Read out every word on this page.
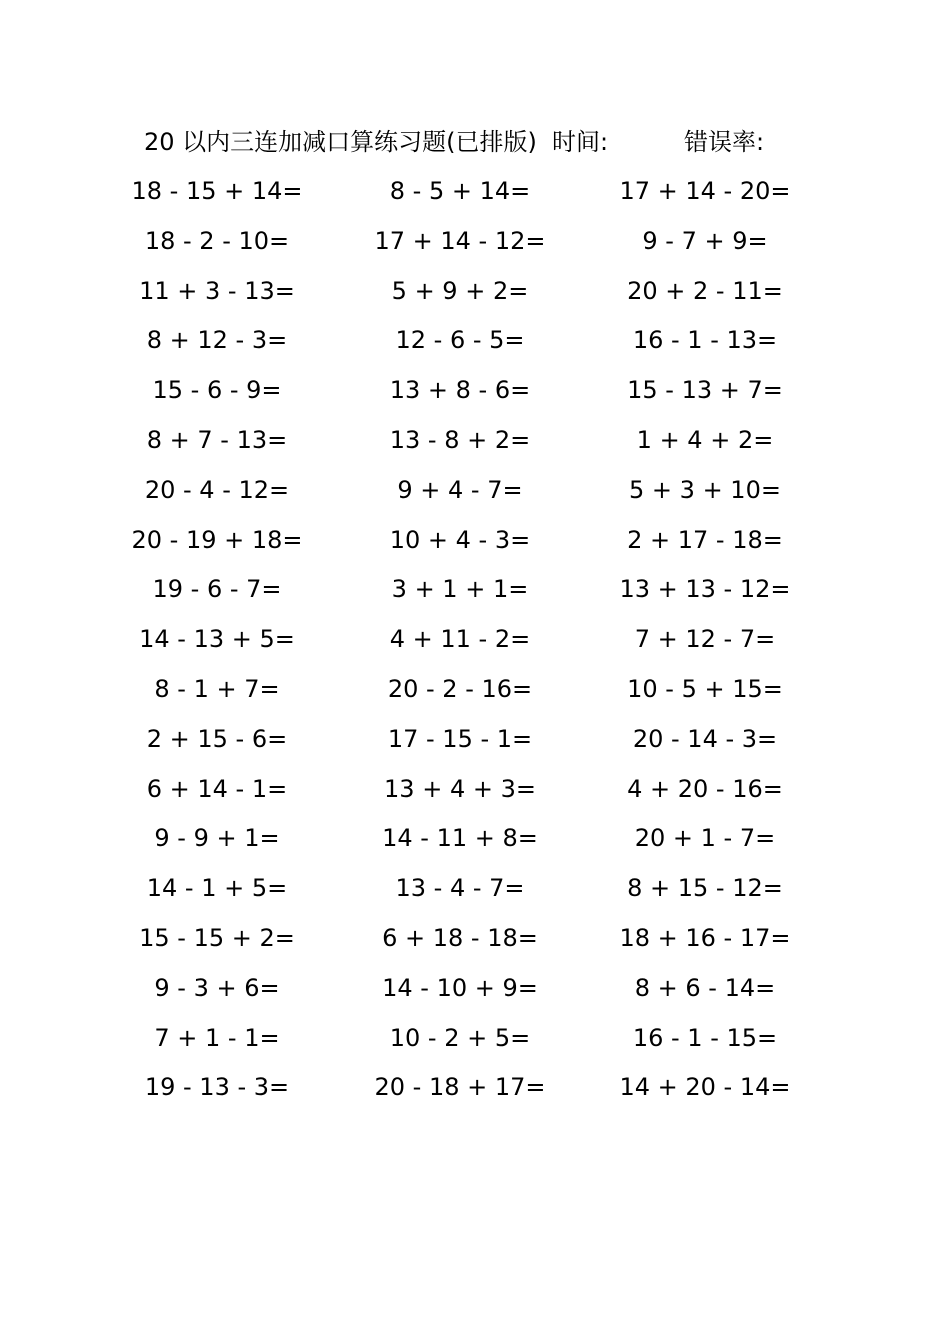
20 以内三连加减口算练习题(已排版) 时间:	错误率:
18 - 15 + 14=	8 - 5 + 14=	17 + 14 - 20=
18 - 2 - 10=	17 + 14 - 12=	9 - 7 + 9=
11 + 3 - 13=	5 + 9 + 2=	20 + 2 - 11=
8 + 12 - 3=	12 - 6 - 5=	16 - 1 - 13=
15 - 6 - 9=	13 + 8 - 6=	15 - 13 + 7=
8 + 7 - 13=	13 - 8 + 2=	1 + 4 + 2=
20 - 4 - 12=	9 + 4 - 7=	5 + 3 + 10=
20 - 19 + 18=	10 + 4 - 3=	2 + 17 - 18=
19 - 6 - 7=	3 + 1 + 1=	13 + 13 - 12=
14 - 13 + 5=	4 + 11 - 2=	7 + 12 - 7=
8 - 1 + 7=	20 - 2 - 16=	10 - 5 + 15=
2 + 15 - 6=	17 - 15 - 1=	20 - 14 - 3=
6 + 14 - 1=	13 + 4 + 3=	4 + 20 - 16=
9 - 9 + 1=	14 - 11 + 8=	20 + 1 - 7=
14 - 1 + 5=	13 - 4 - 7=	8 + 15 - 12=
15 - 15 + 2=	6 + 18 - 18=	18 + 16 - 17=
9 - 3 + 6=	14 - 10 + 9=	8 + 6 - 14=
7 + 1 - 1=	10 - 2 + 5=	16 - 1 - 15=
19 - 13 - 3=	20 - 18 + 17=	14 + 20 - 14=
